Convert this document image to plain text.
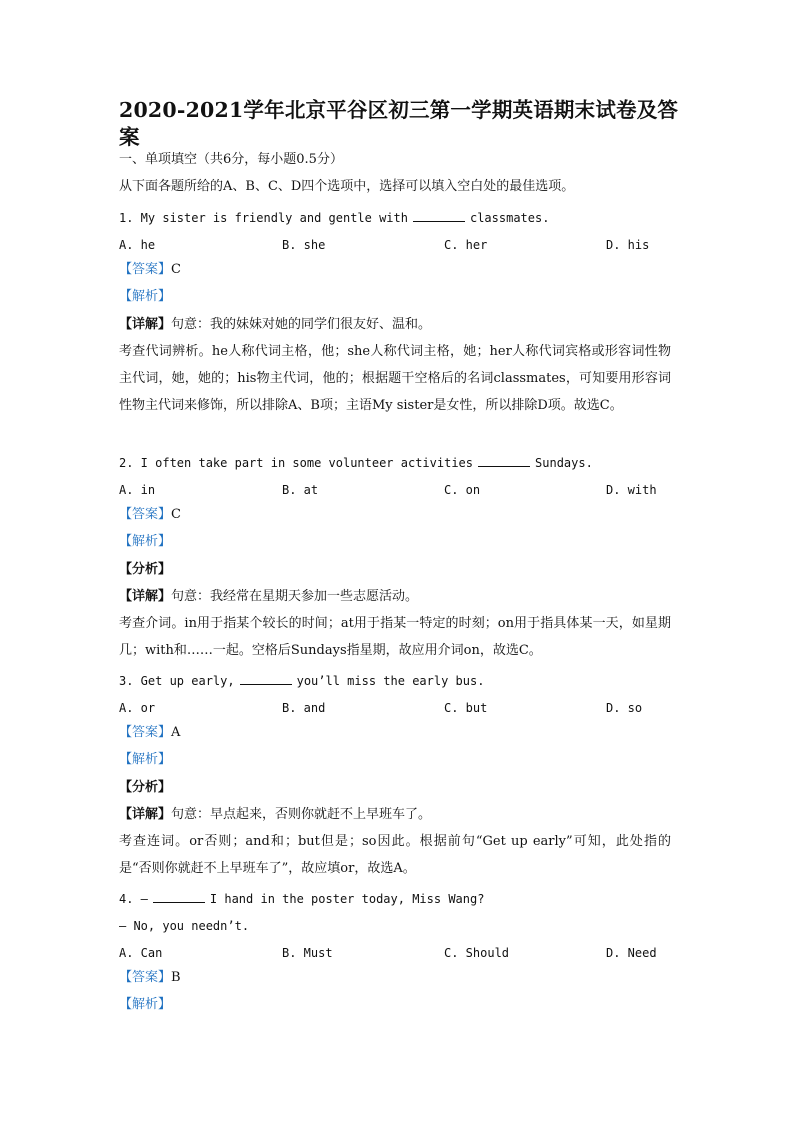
2020-2021学年北京平谷区初三第一学期英语期末试卷及答案
一、单项填空（共6分，每小题0.5分）
从下面各题所给的A、B、C、D四个选项中，选择可以填入空白处的最佳选项。
1. My sister is friendly and gentle with	classmates.
A. he	B. she	C. her	D. his
【答案】C
【解析】
【详解】句意：我的妹妹对她的同学们很友好、温和。
考查代词辨析。he人称代词主格，他；she人称代词主格，她；her人称代词宾格或形容词性物主代词，她，她的；his物主代词，他的；根据题干空格后的名词classmates，可知要用形容词性物主代词来修饰，所以排除A、B项；主语My sister是女性，所以排除D项。故选C。
2. I often take part in some volunteer activities	Sundays.
A. in	B. at	C. on	D. with
【答案】C
【解析】
【分析】
【详解】句意：我经常在星期天参加一些志愿活动。
考查介词。in用于指某个较长的时间；at用于指某一特定的时刻；on用于指具体某一天，如星期几；with和……一起。空格后Sundays指星期，故应用介词on，故选C。
3. Get up early,	you’ll miss the early bus.
A. or	B. and	C. but	D. so
【答案】A
【解析】
【分析】
【详解】句意：早点起来，否则你就赶不上早班车了。
考查连词。or否则；and和；but但是；so因此。根据前句“Get up early”可知，此处指的是“否则你就赶不上早班车了”，故应填or，故选A。
4. —	I hand in the poster today, Miss Wang?
— No, you needn’t.
A. Can	B. Must	C. Should	D. Need
【答案】B
【解析】
